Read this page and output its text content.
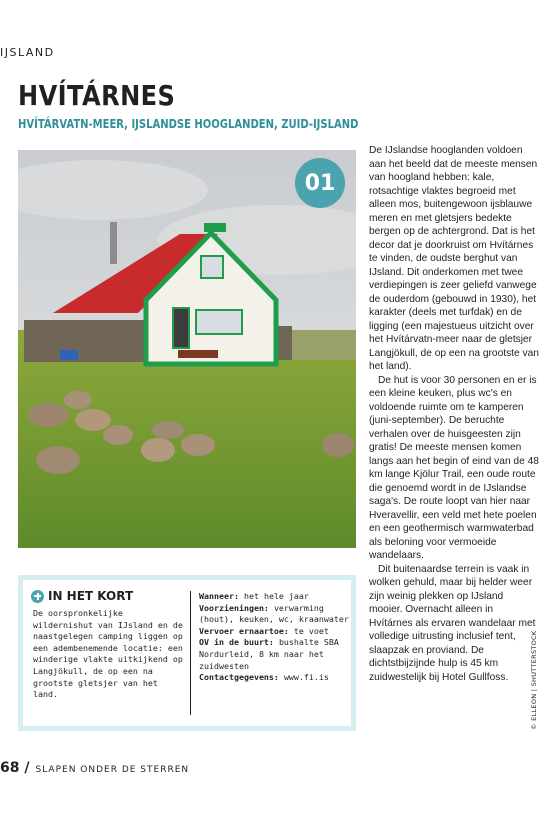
IJSLAND
HVÍTÁRNES
HVÍTÁRVATN-MEER, IJSLANDSE HOOGLANDEN, ZUID-IJSLAND
01

De IJslandse hooglanden voldoen aan het beeld dat de meeste mensen van hoogland hebben: kale, rotsachtige vlaktes begroeid met alleen mos, buitengewoon ijsblauwe meren en met gletsjers bedekte bergen op de achtergrond. Dat is het decor dat je doorkruist om Hvítárnes te vinden, de oudste berghut van IJsland. Dit onderkomen met twee verdiepingen is zeer geliefd vanwege de ouderdom (gebouwd in 1930), het karakter (deels met turfdak) en de ligging (een majestueus uitzicht over het Hvítárvatn-meer naar de gletsjer Langjökull, de op een na grootste van het land).

De hut is voor 30 personen en er is een kleine keuken, plus wc's en voldoende ruimte om te kamperen (juni-september). De beruchte verhalen over de huisgeesten zijn gratis! De meeste mensen komen langs aan het begin of eind van de 48 km lange Kjölur Trail, een oude route die genoemd wordt in de IJslandse saga's. De route loopt van hier naar Hveravellir, een veld met hete poelen en een geothermisch warmwaterbad als beloning voor vermoeide wandelaars.

Dit buitenaardse terrein is vaak in wolken gehuld, maar bij helder weer zijn weinig plekken op IJsland mooier. Overnacht alleen in Hvítárnes als ervaren wandelaar met volledige uitrusting inclusief tent, slaapzak en proviand. De dichtstbijzijnde hulp is 45 km zuidwestelijk bij Hotel Gullfoss.

IN HET KORT
De oorspronkelijke wildernishut van IJsland en de naastgelegen camping liggen op een adembenemende locatie: een winderige vlakte uitkijkend op Langjökull, de op een na grootste gletsjer van het land.
Wanneer: het hele jaar
Voorzieningen: verwarming (hout), keuken, wc, kraanwater
Vervoer ernaartoe: te voet
OV in de buurt: bushalte SBA Nordurleid, 8 km naar het zuidwesten
Contactgegevens: www.fi.is	© ELLEON | SHUTTERSTOCK
68 / SLAPEN ONDER DE STERREN
